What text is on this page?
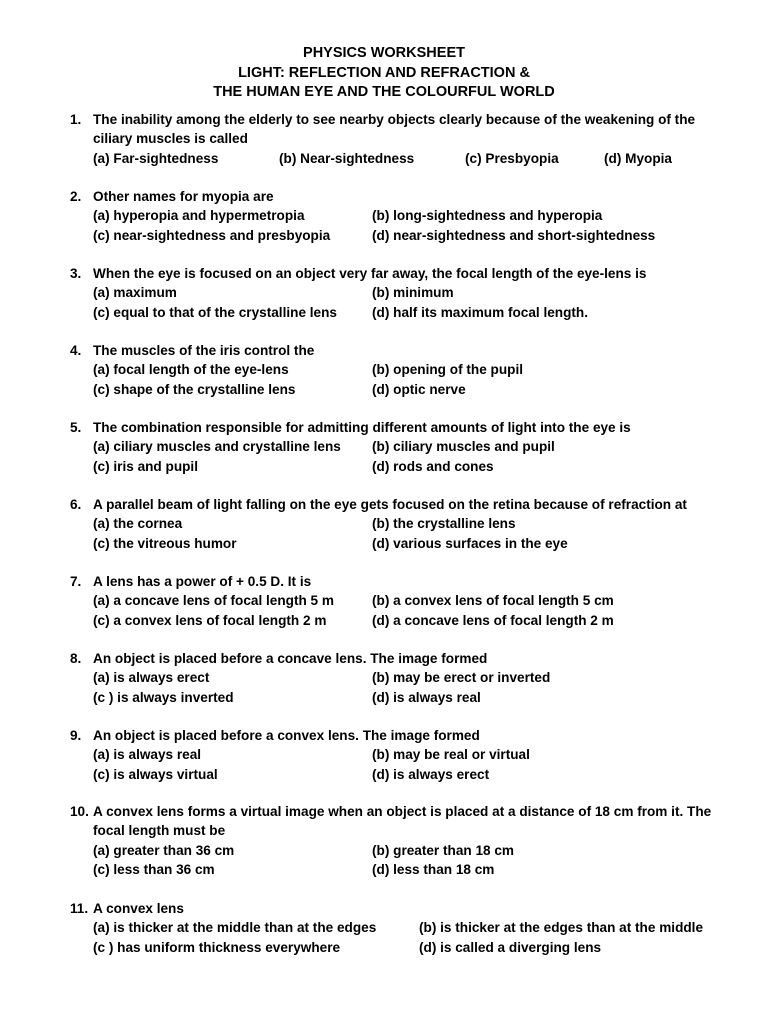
PHYSICS WORKSHEET
LIGHT: REFLECTION AND REFRACTION &
THE HUMAN EYE AND THE COLOURFUL WORLD
1. The inability among the elderly to see nearby objects clearly because of the weakening of the ciliary muscles is called
(a) Far-sightedness	(b) Near-sightedness	(c) Presbyopia	(d) Myopia
2. Other names for myopia are
(a) hyperopia and hypermetropia	(b) long-sightedness and hyperopia
(c) near-sightedness and presbyopia	(d) near-sightedness and short-sightedness
3. When the eye is focused on an object very far away, the focal length of the eye-lens is
(a) maximum	(b) minimum
(c) equal to that of the crystalline lens	(d) half its maximum focal length.
4. The muscles of the iris control the
(a) focal length of the eye-lens	(b) opening of the pupil
(c) shape of the crystalline lens	(d) optic nerve
5. The combination responsible for admitting different amounts of light into the eye is
(a) ciliary muscles and crystalline lens	(b) ciliary muscles and pupil
(c) iris and pupil	(d) rods and cones
6. A parallel beam of light falling on the eye gets focused on the retina because of refraction at
(a) the cornea	(b) the crystalline lens
(c) the vitreous humor	(d) various surfaces in the eye
7. A lens has a power of + 0.5 D. It is
(a) a concave lens of focal length 5 m	(b) a convex lens of focal length 5 cm
(c) a convex lens of focal length 2 m	(d) a concave lens of focal length 2 m
8. An object is placed before a concave lens. The image formed
(a) is always erect	(b) may be erect or inverted
(c ) is always inverted	(d) is always real
9. An object is placed before a convex lens. The image formed
(a) is always real	(b) may be real or virtual
(c) is always virtual	(d) is always erect
10. A convex lens forms a virtual image when an object is placed at a distance of 18 cm from it. The focal length must be
(a) greater than 36 cm	(b) greater than 18 cm
(c) less than 36 cm	(d) less than 18 cm
11. A convex lens
(a) is thicker at the middle than at the edges	(b) is thicker at the edges than at the middle
(c ) has uniform thickness everywhere	(d) is called a diverging lens
